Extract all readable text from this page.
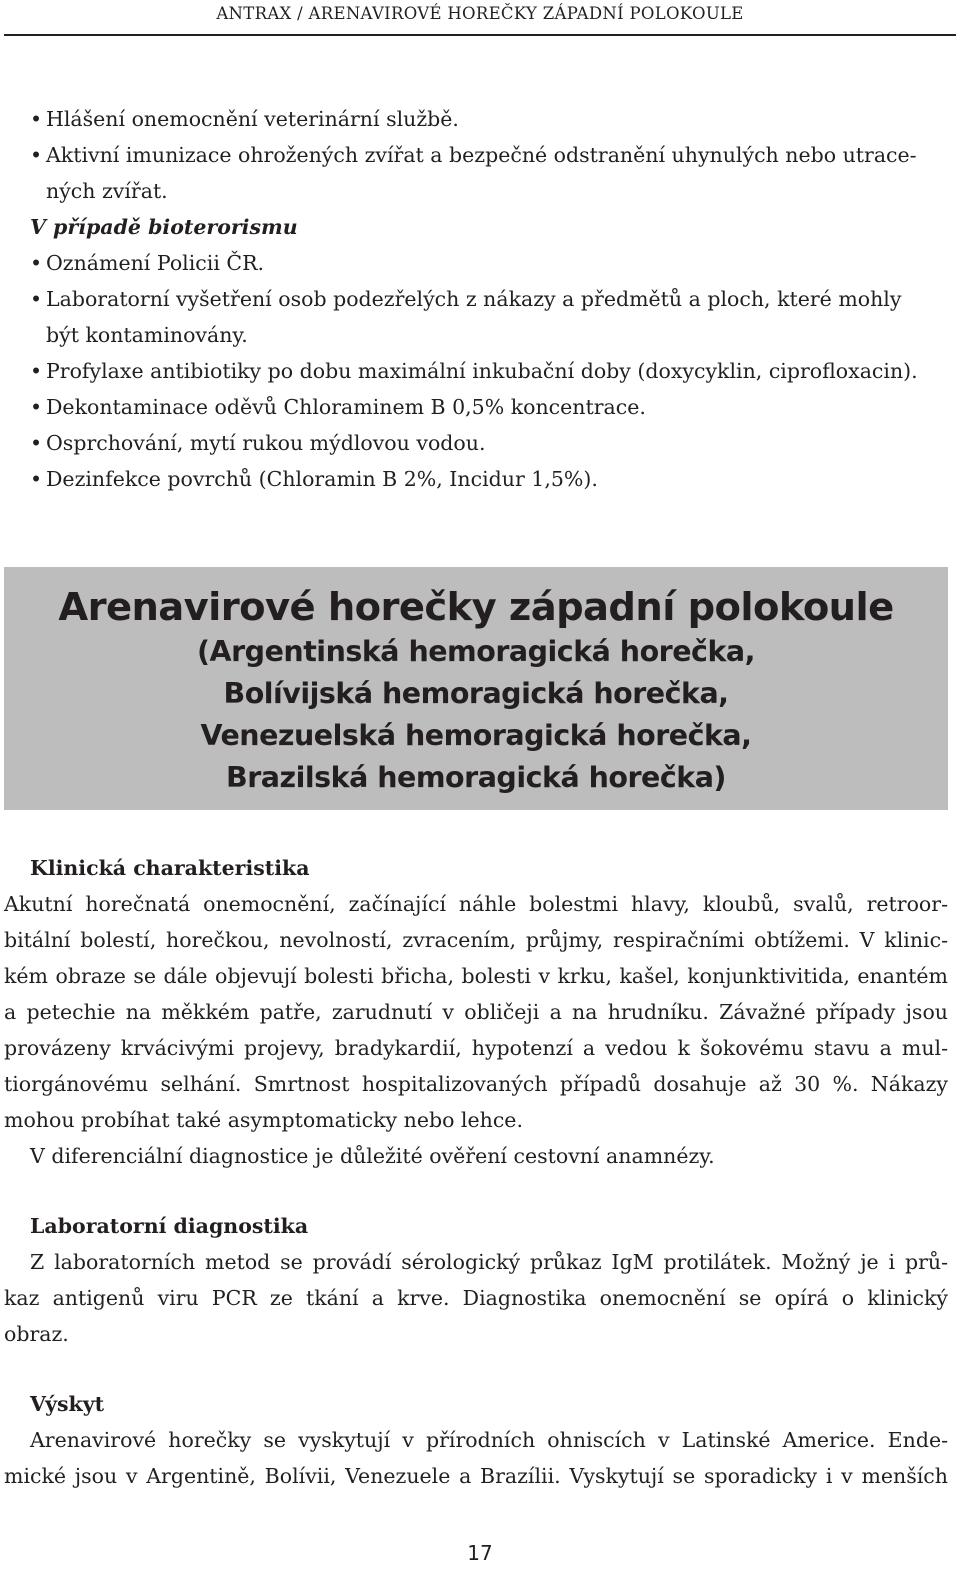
ANTRAX / ARENAVIROVÉ HOREČKY ZÁPADNÍ POLOKOULE
• Hlášení onemocnění veterinární službě.
• Aktivní imunizace ohrožených zvířat a bezpečné odstranění uhynulých nebo utrace-
ných zvířat.
V případě bioterorismu
• Oznámení Policii ČR.
• Laboratorní vyšetření osob podezřelých z nákazy a předmětů a ploch, které mohly
být kontaminovány.
• Profylaxe antibiotiky po dobu maximální inkubační doby (doxycyklin, ciprofloxacin).
• Dekontaminace oděvů Chloraminem B 0,5% koncentrace.
• Osprchování, mytí rukou mýdlovou vodou.
• Dezinfekce povrchů (Chloramin B 2%, Incidur 1,5%).
Arenavirové horečky západní polokoule
(Argentinská hemoragická horečka,
Bolívijská hemoragická horečka,
Venezuelská hemoragická horečka,
Brazilská hemoragická horečka)
Klinická charakteristika
Akutní horečnatá onemocnění, začínající náhle bolestmi hlavy, kloubů, svalů, retroor-
bitální bolestí, horečkou, nevolností, zvracením, průjmy, respiračními obtížemi. V klinic-
kém obraze se dále objevují bolesti břicha, bolesti v krku, kašel, konjunktivitida, enantém
a petechie na měkkém patře, zarudnutí v obličeji a na hrudníku. Závažné případy jsou
provázeny krvácivými projevy, bradykardií, hypotenzí a vedou k šokovému stavu a mul-
tiorgánovému selhání. Smrtnost hospitalizovaných případů dosahuje až 30 %. Nákazy
mohou probíhat také asymptomaticky nebo lehce.
V diferenciální diagnostice je důležité ověření cestovní anamnézy.
Laboratorní diagnostika
Z laboratorních metod se provádí sérologický průkaz IgM protilátek. Možný je i prů-
kaz antigenů viru PCR ze tkání a krve. Diagnostika onemocnění se opírá o klinický
obraz.
Výskyt
Arenavirové horečky se vyskytují v přírodních ohniscích v Latinské Americe. Ende-
mické jsou v Argentině, Bolívii, Venezuele a Brazílii. Vyskytují se sporadicky i v menších
17
